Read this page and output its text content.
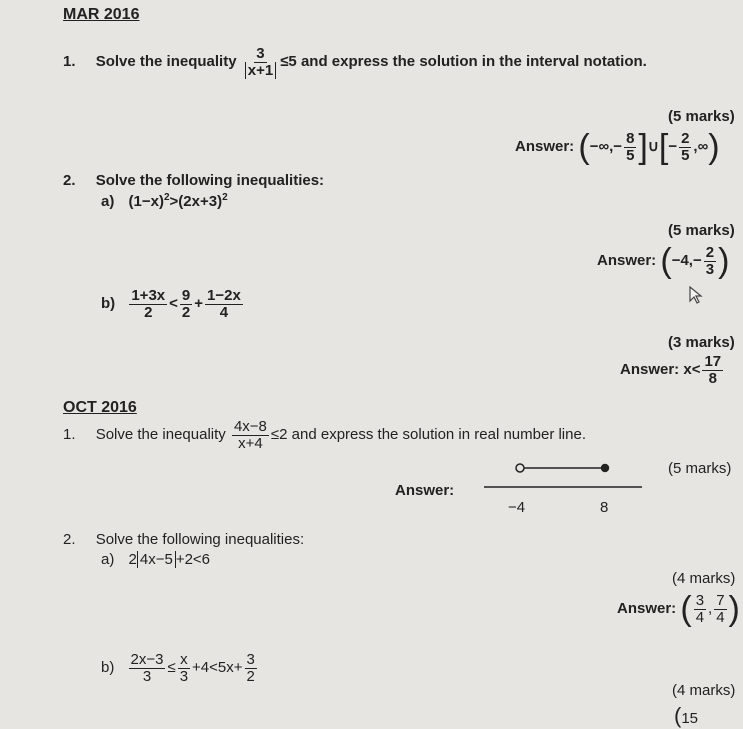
MAR 2016
1. Solve the inequality $\frac{3}{x+1} \le 5$ and express the solution in the interval notation.
(5 marks)
Answer: (−∞,− $\frac{8}{5}$ ]∪[− $\frac{2}{5}$ ,∞)
2. Solve the following inequalities:
a) $(1-x)^2>(2x+3)^2$
(5 marks)
Answer: ($-4,- \frac{2}{3}$ )
$b) \frac{1+3x}{2} < \frac{9}{2} + \frac{1-2x}{4}$
(3 marks)
Answer: $x< \frac{17}{8}$
OCT 2016
1. Solve the inequality $\frac{4x-8}{x+4} \le 2$ and express the solution in real number line.
(5 marks)
Answer:
−4	8
2. Solve the following inequalities:
a) 2 4x−5 +2<6
(4 marks)
Answer: ( $\frac{3}{4}$ , $\frac{7}{4}$ )
$b) \frac{2x-3}{3} \le \frac{x}{3} +4<5x+ \frac{3}{2}$
(4 marks)
(15
